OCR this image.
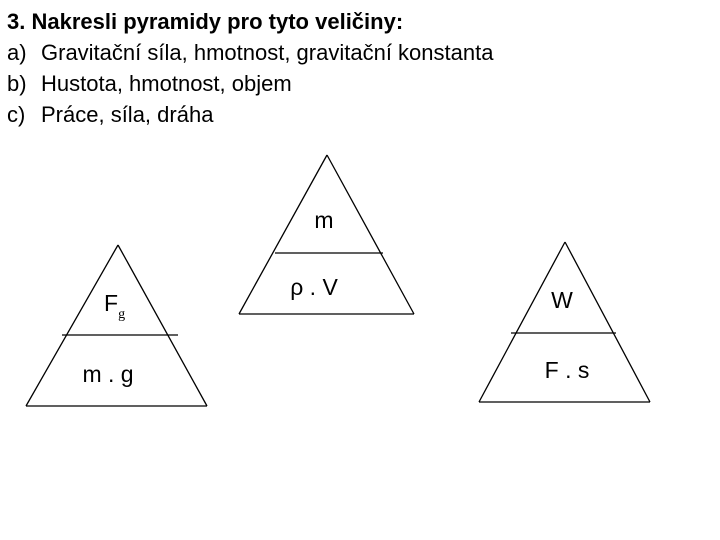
3. Nakresli pyramidy pro tyto veličiny:
a) Gravitační síla, hmotnost, gravitační konstanta
b) Hustota, hmotnost, objem
c) Práce, síla, dráha
$F_g$
m . g
m
ρ . V	W
F . s
